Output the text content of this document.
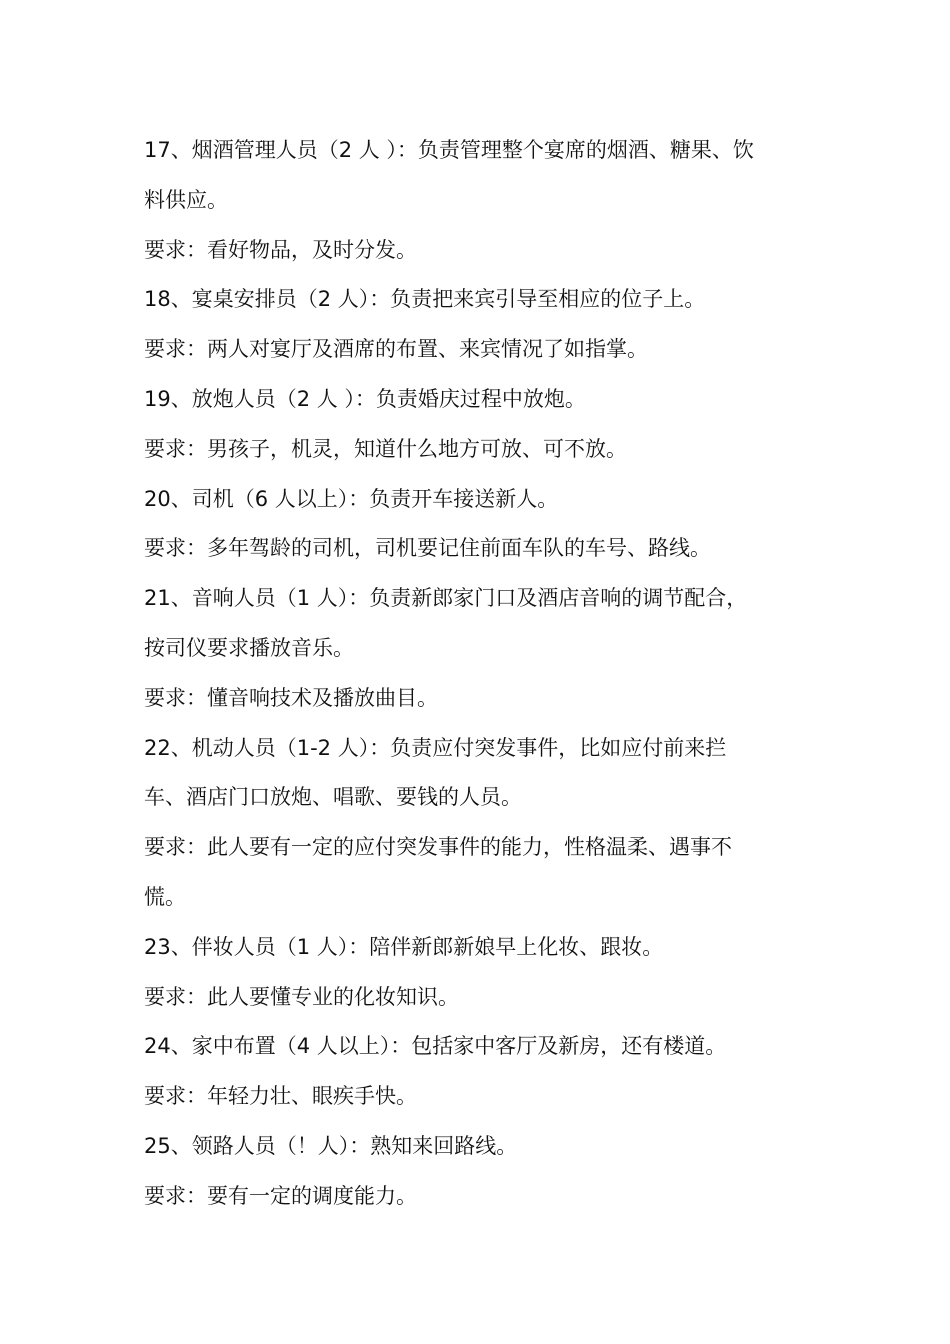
17、烟酒管理人员（2 人 ）：负责管理整个宴席的烟酒、糖果、饮
料供应。
要求：看好物品，及时分发。
18、宴桌安排员（2 人）：负责把来宾引导至相应的位子上。
要求：两人对宴厅及酒席的布置、来宾情况了如指掌。
19、放炮人员（2 人 ）：负责婚庆过程中放炮。
要求：男孩子，机灵，知道什么地方可放、可不放。
20、司机（6 人以上）：负责开车接送新人。
要求：多年驾龄的司机，司机要记住前面车队的车号、路线。
21、音响人员（1 人）：负责新郎家门口及酒店音响的调节配合，
按司仪要求播放音乐。
要求：懂音响技术及播放曲目。
22、机动人员（1-2 人）：负责应付突发事件，比如应付前来拦
车、酒店门口放炮、唱歌、要钱的人员。
要求：此人要有一定的应付突发事件的能力，性格温柔、遇事不
慌。
23、伴妆人员（1 人）：陪伴新郎新娘早上化妆、跟妆。
要求：此人要懂专业的化妆知识。
24、家中布置（4 人以上）：包括家中客厅及新房，还有楼道。
要求：年轻力壮、眼疾手快。
25、领路人员（！人）：熟知来回路线。
要求：要有一定的调度能力。
